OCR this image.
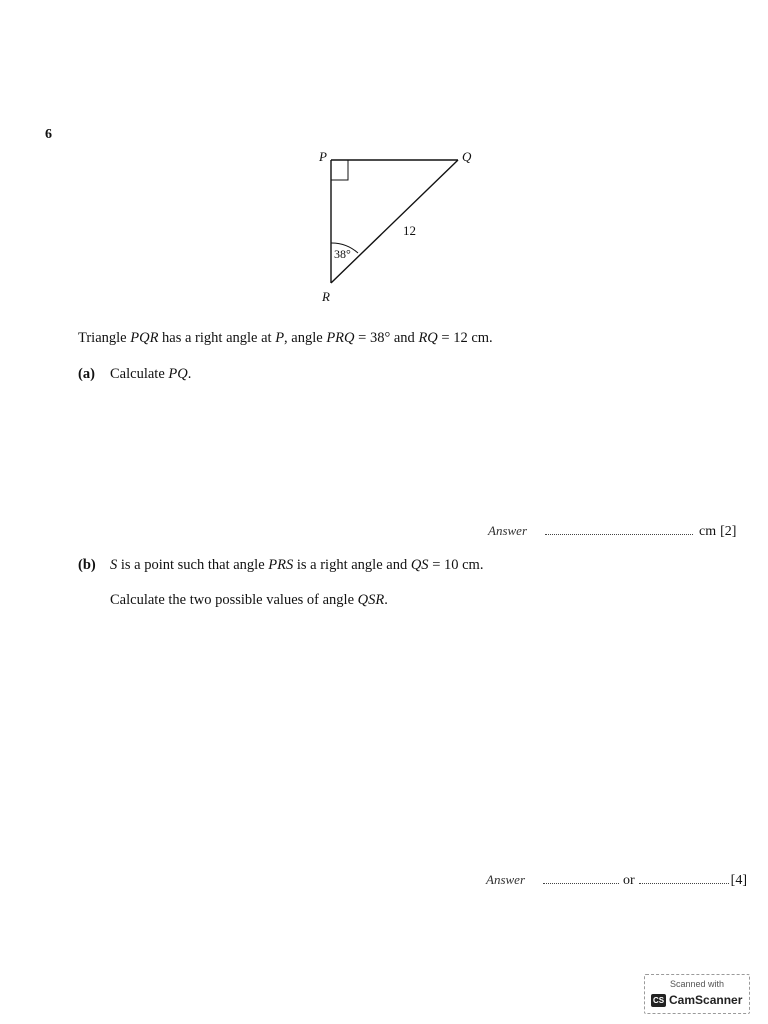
6
P	Q
R
38°
12
Triangle PQR has a right angle at P, angle PRQ = 38° and RQ = 12 cm.
(a) Calculate PQ.
Answer	cm [2]
(b) S is a point such that angle PRS is a right angle and QS = 10 cm.
Calculate the two possible values of angle QSR.
Answer	or	[4]
Scanned with
CS CamScanner
